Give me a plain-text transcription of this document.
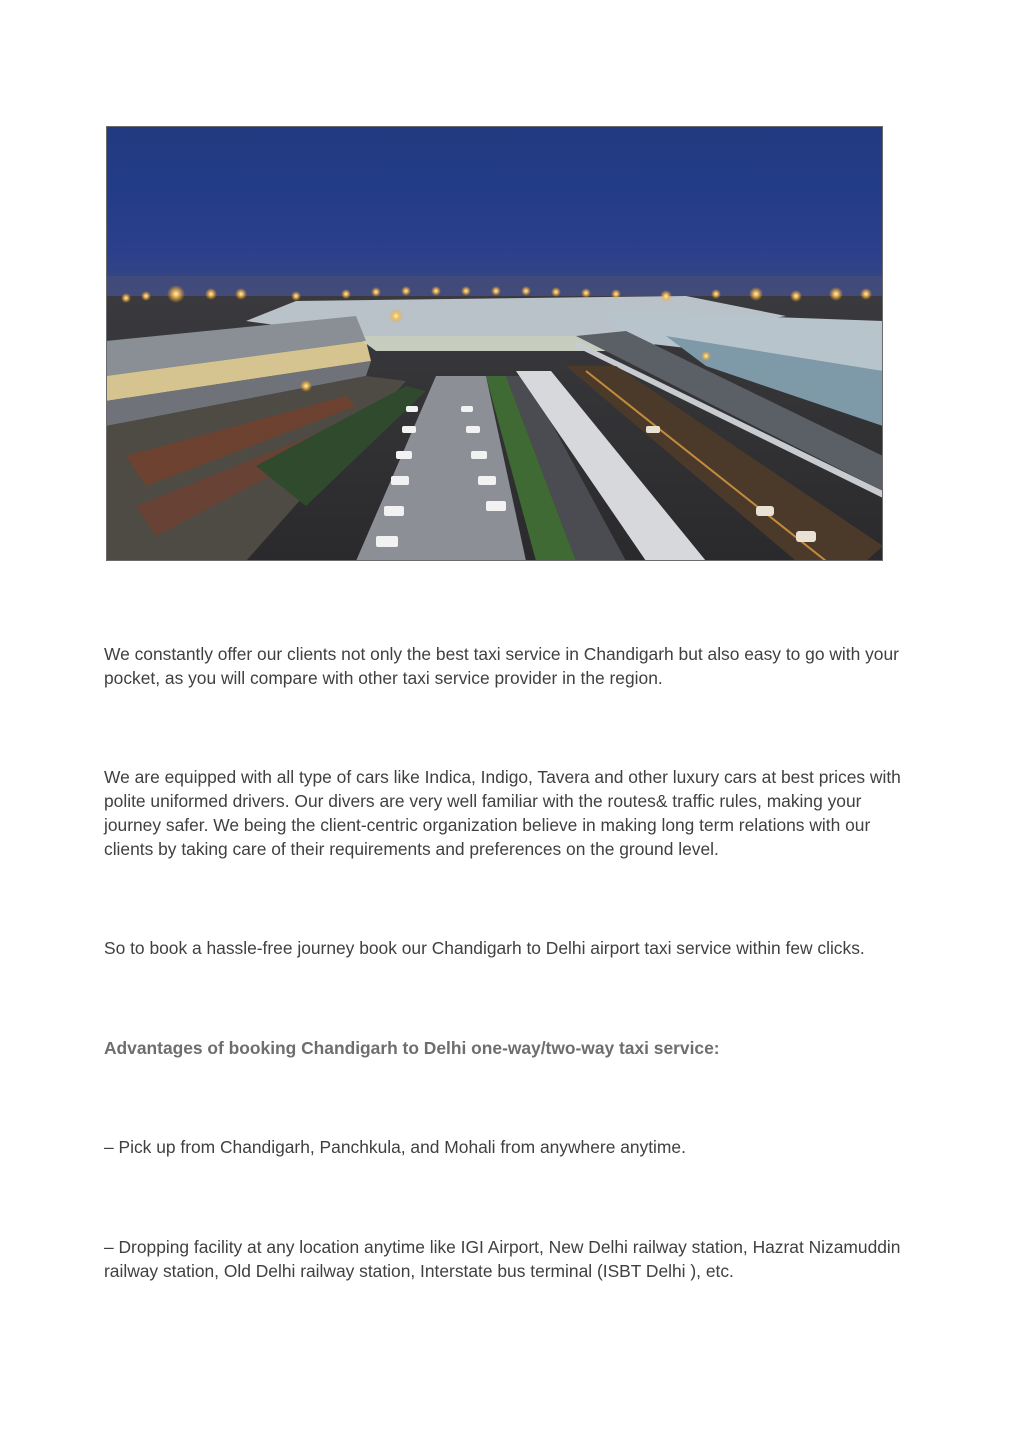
We constantly offer our clients not only the best taxi service in Chandigarh but also easy to go with your pocket, as you will compare with other taxi service provider in the region.

We are equipped with all type of cars like Indica, Indigo, Tavera and other luxury cars at best prices with polite uniformed drivers. Our divers are very well familiar with the routes& traffic rules, making your journey safer. We being the client-centric organization believe in making long term relations with our clients by taking care of their requirements and preferences on the ground level.

So to book a hassle-free journey book our Chandigarh to Delhi airport taxi service within few clicks.

Advantages of booking Chandigarh to Delhi one-way/two-way taxi service:

– Pick up from Chandigarh, Panchkula, and Mohali from anywhere anytime.

– Dropping facility at any location anytime like IGI Airport, New Delhi railway station, Hazrat Nizamuddin railway station, Old Delhi railway station, Interstate bus terminal (ISBT Delhi ), etc.
